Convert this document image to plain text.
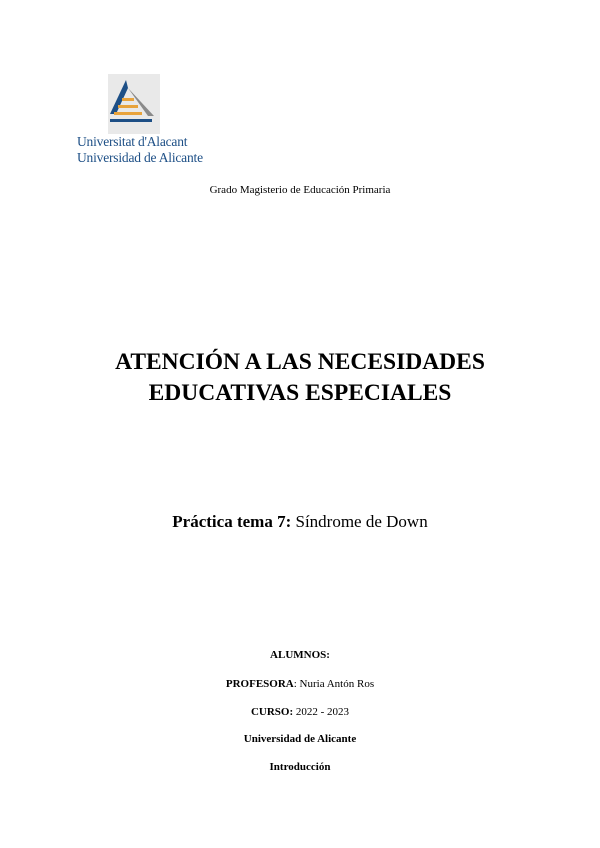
Universitat d'Alacant
Universidad de Alicante
Grado Magisterio de Educación Primaria
ATENCIÓN A LAS NECESIDADES
EDUCATIVAS ESPECIALES
Práctica tema 7: Síndrome de Down
ALUMNOS:
PROFESORA: Nuria Antón Ros
CURSO: 2022 - 2023
Universidad de Alicante
Introducción
